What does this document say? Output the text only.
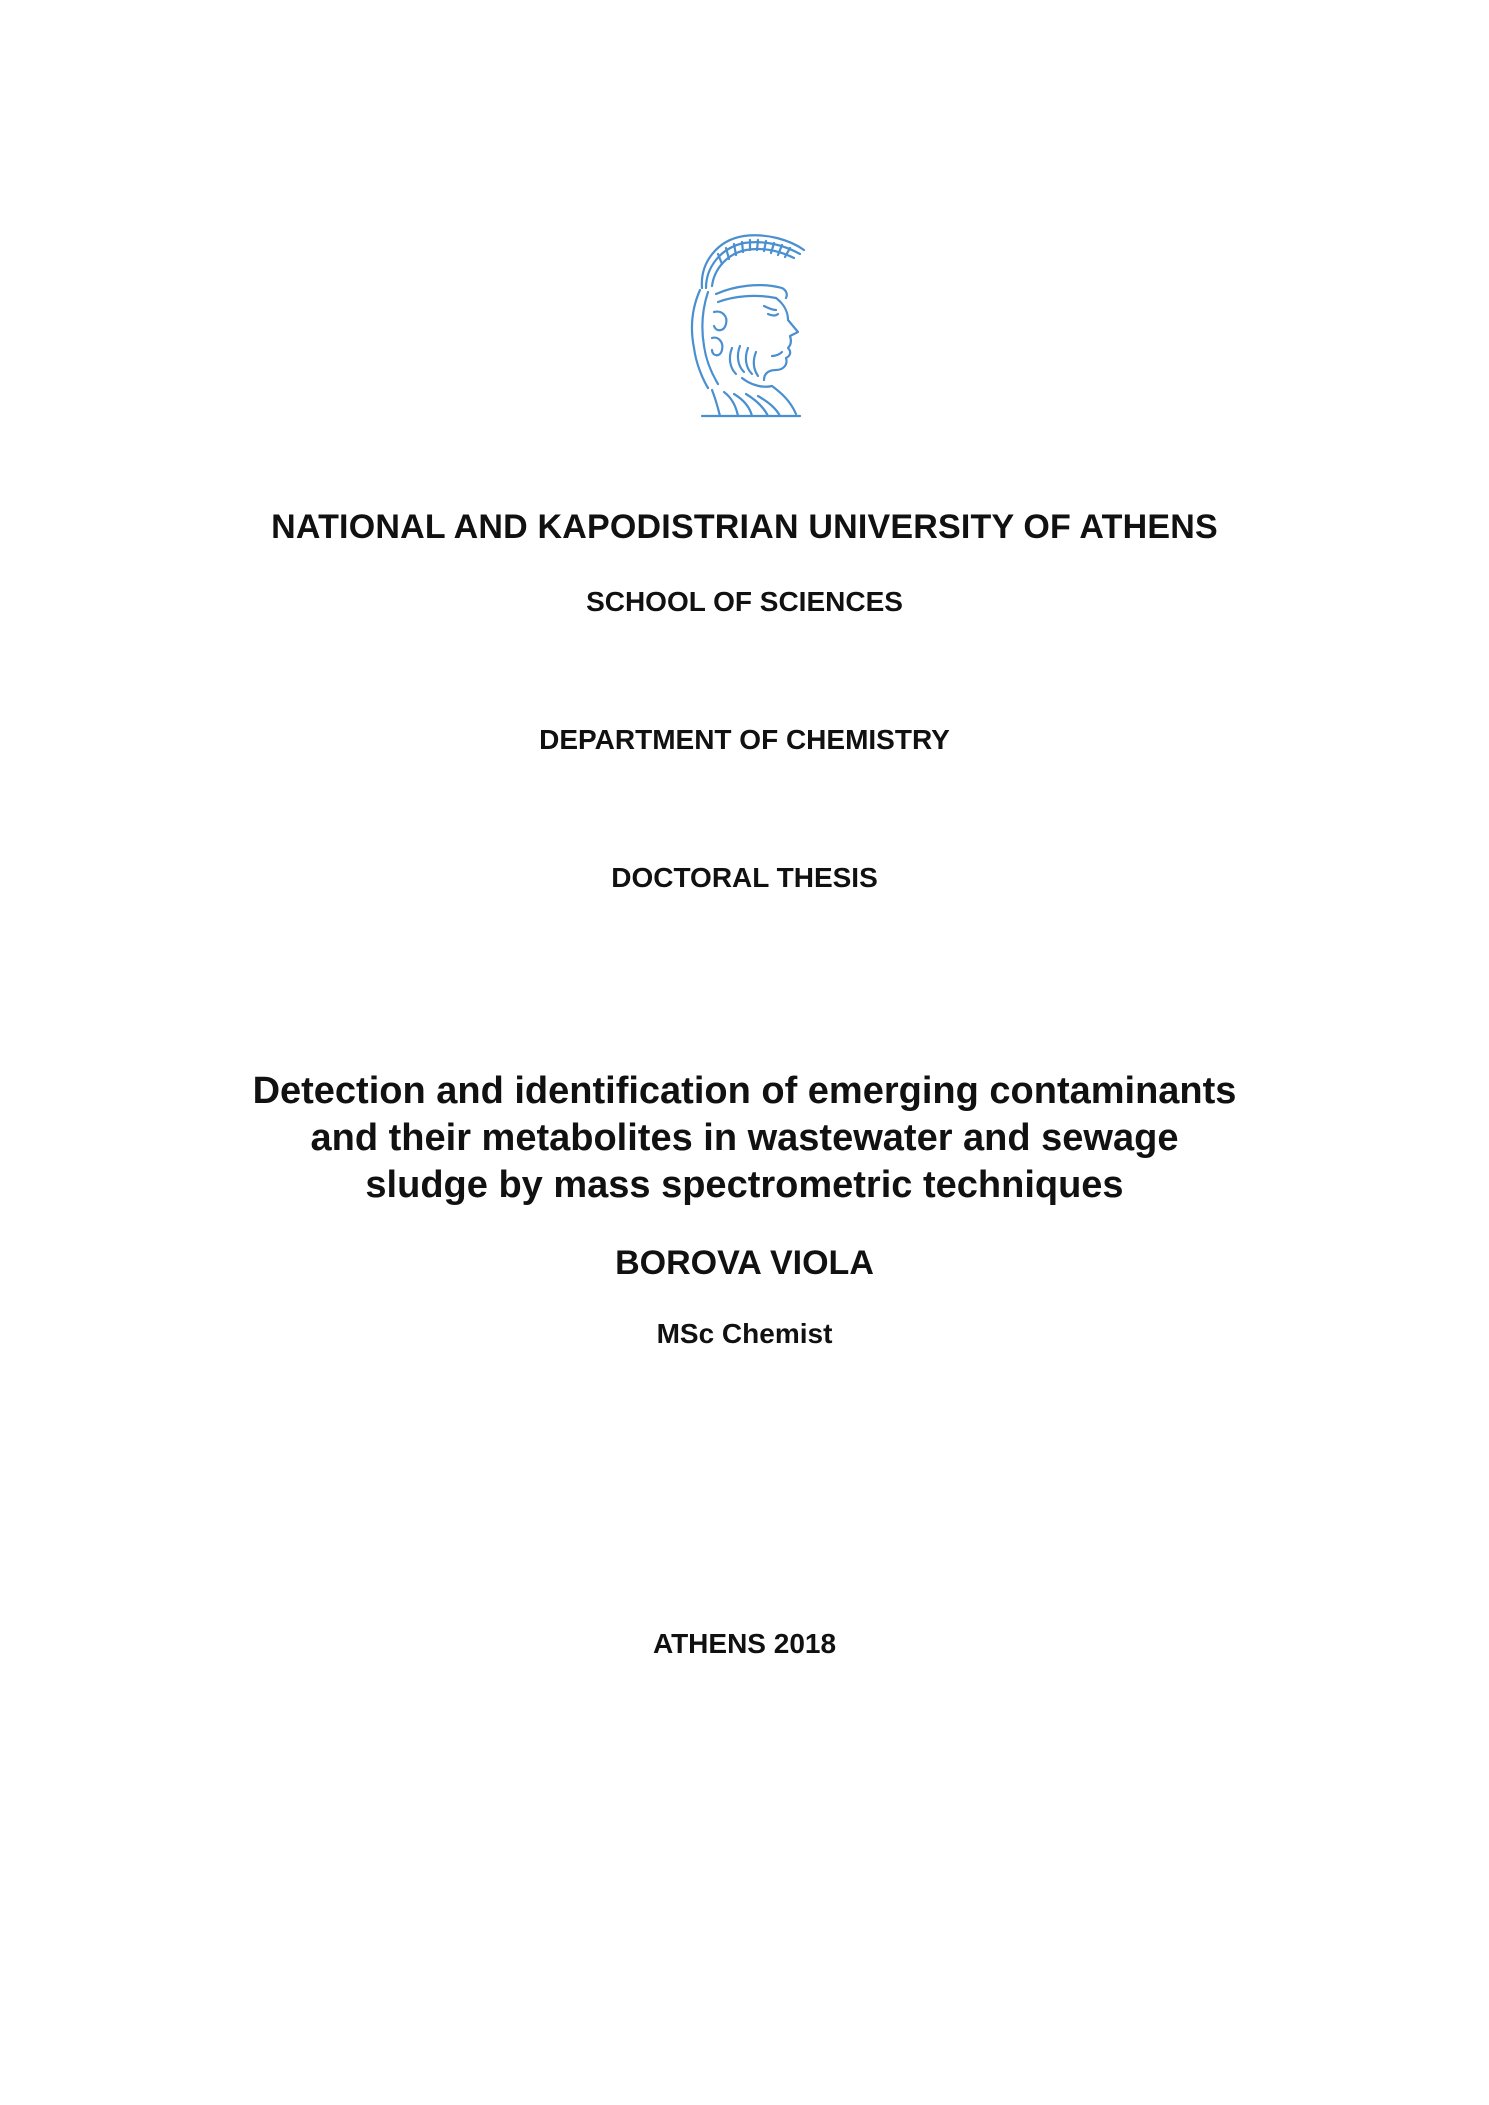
NATIONAL AND KAPODISTRIAN UNIVERSITY OF ATHENS
SCHOOL OF SCIENCES
DEPARTMENT OF CHEMISTRY
DOCTORAL THESIS
Detection and identification of emerging contaminants
and their metabolites in wastewater and sewage
sludge by mass spectrometric techniques
BOROVA VIOLA
MSc Chemist
ATHENS 2018
